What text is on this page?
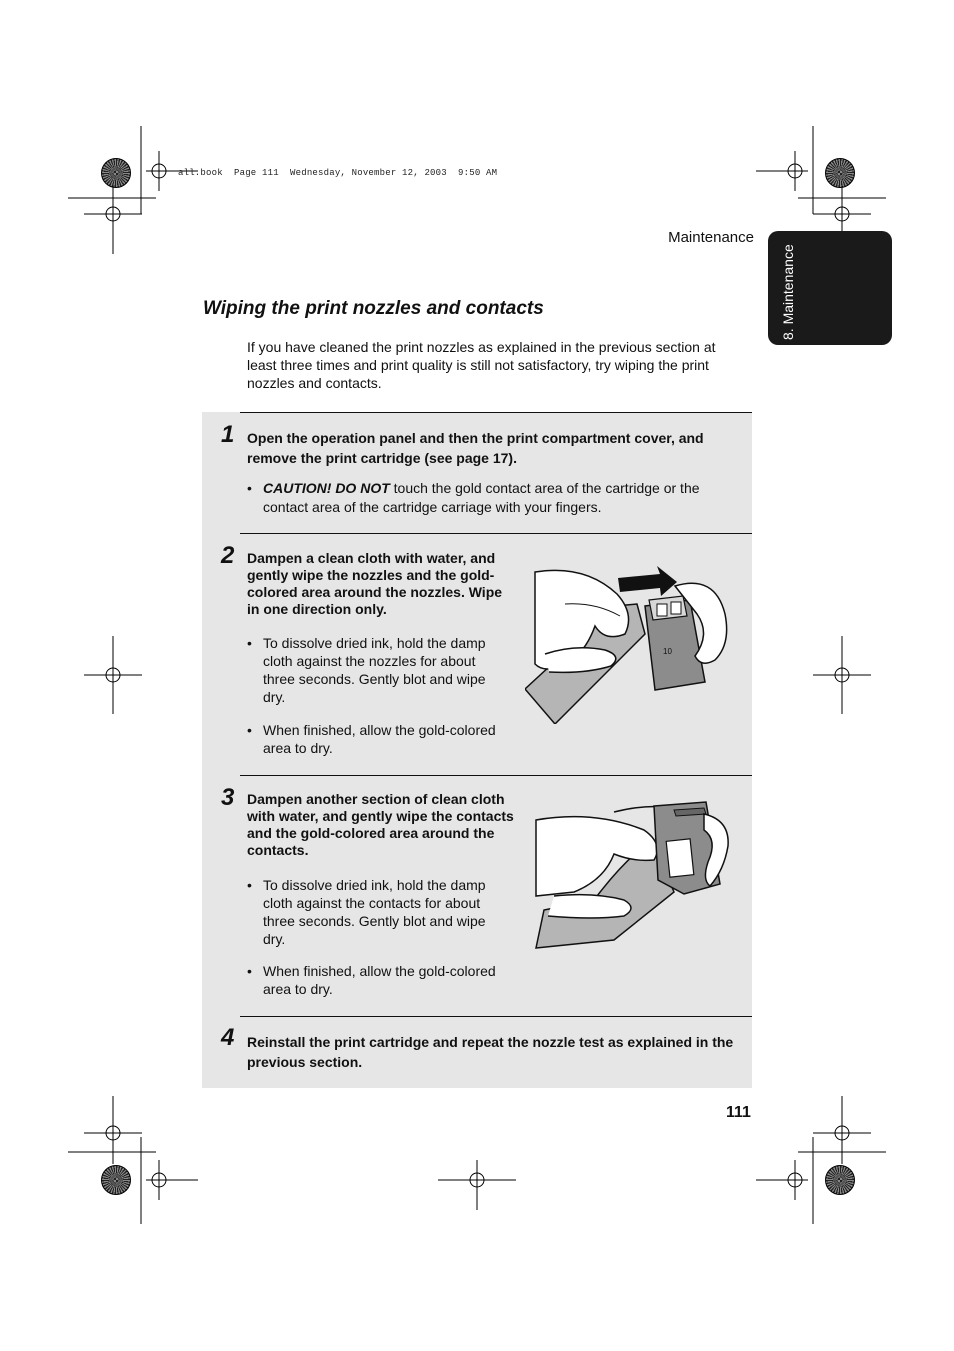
all.book  Page 111  Wednesday, November 12, 2003  9:50 AM
Maintenance
8. Maintenance
Wiping the print nozzles and contacts
If you have cleaned the print nozzles as explained in the previous section at least three times and print quality is still not satisfactory, try wiping the print nozzles and contacts.
1 Open the operation panel and then the print compartment cover, and remove the print cartridge (see page 17).
• CAUTION! DO NOT touch the gold contact area of the cartridge or the contact area of the cartridge carriage with your fingers.
2 Dampen a clean cloth with water, and gently wipe the nozzles and the gold-colored area around the nozzles. Wipe in one direction only.
• To dissolve dried ink, hold the damp cloth against the nozzles for about three seconds. Gently blot and wipe dry.
• When finished, allow the gold-colored area to dry.
10
3 Dampen another section of clean cloth with water, and gently wipe the contacts and the gold-colored area around the contacts.
• To dissolve dried ink, hold the damp cloth against the contacts for about three seconds. Gently blot and wipe dry.
• When finished, allow the gold-colored area to dry.
4 Reinstall the print cartridge and repeat the nozzle test as explained in the previous section.
111
